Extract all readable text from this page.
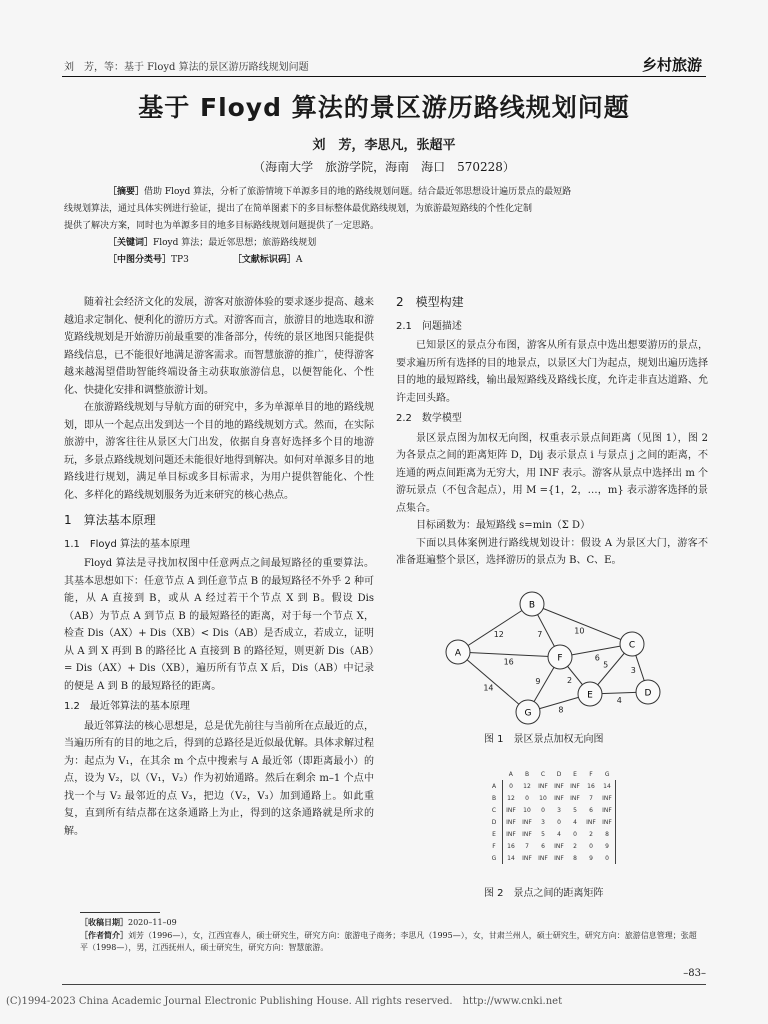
刘　芳，等：基于 Floyd 算法的景区游历路线规划问题	乡村旅游
基于 Floyd 算法的景区游历路线规划问题
刘　芳，李思凡，张超平
（海南大学　旅游学院，海南　海口　570228）
［摘要］借助 Floyd 算法，分析了旅游情境下单源多目的地的路线规划问题。结合最近邻思想设计遍历景点的最短路
线规划算法，通过具体实例进行验证，提出了在简单图素下的多目标整体最优路线规划，为旅游最短路线的个性化定制
提供了解决方案，同时也为单源多目的地多目标路线规划问题提供了一定思路。
［关键词］Floyd 算法；最近邻思想；旅游路线规划
［中图分类号］TP3	［文献标识码］A

随着社会经济文化的发展，游客对旅游体验的要求逐步提高、越来越追求定制化、便利化的游历方式。对游客而言，旅游目的地选取和游览路线规划是开始游历前最重要的准备部分，传统的景区地图只能提供路线信息，已不能很好地满足游客需求。而智慧旅游的推广，使得游客越来越渴望借助智能终端设备主动获取旅游信息，以便智能化、个性化、快捷化安排和调整旅游计划。

在旅游路线规划与导航方面的研究中，多为单源单目的地的路线规划，即从一个起点出发到达一个目的地的路线规划方式。然而，在实际旅游中，游客往往从景区大门出发，依据自身喜好选择多个目的地游玩，多景点路线规划问题还未能很好地得到解决。如何对单源多目的地路线进行规划，满足单目标或多目标需求，为用户提供智能化、个性化、多样化的路线规划服务为近来研究的核心热点。

1　算法基本原理
1.1　Floyd 算法的基本原理

Floyd 算法是寻找加权图中任意两点之间最短路径的重要算法。其基本思想如下：任意节点 A 到任意节点 B 的最短路径不外乎 2 种可能，从 A 直接到 B，或从 A 经过若干个节点 X 到 B。假设 Dis（AB）为节点 A 到节点 B 的最短路径的距离，对于每一个节点 X，检查 Dis（AX）+ Dis（XB）< Dis（AB）是否成立，若成立，证明从 A 到 X 再到 B 的路径比 A 直接到 B 的路径短，则更新 Dis（AB）= Dis（AX）+ Dis（XB），遍历所有节点 X 后，Dis（AB）中记录的便是 A 到 B 的最短路径的距离。

1.2　最近邻算法的基本原理

最近邻算法的核心思想是，总是优先前往与当前所在点最近的点，当遍历所有的目的地之后，得到的总路径是近似最优解。具体求解过程为：起点为 V₁，在其余 m 个点中搜索与 A 最近邻（即距离最小）的点，设为 V₂，以（V₁，V₂）作为初始通路。然后在剩余 m–1 个点中找一个与 V₂ 最邻近的点 V₃，把边（V₂，V₃）加到通路上。如此重复，直到所有结点都在这条通路上为止，得到的这条通路就是所求的解。

2　模型构建
2.1　问题描述

已知景区的景点分布图，游客从所有景点中选出想要游历的景点，要求遍历所有选择的目的地景点，以景区大门为起点，规划出遍历选择目的地的最短路线，输出最短路线及路线长度，允许走非直达道路、允许走回头路。

2.2　数学模型

景区景点图为加权无向图，权重表示景点间距离（见图 1），图 2 为各景点之间的距离矩阵 D，Dij 表示景点 i 与景点 j 之间的距离，不连通的两点间距离为无穷大，用 INF 表示。游客从景点中选择出 m 个游玩景点（不包含起点），用 M ={1，2，…，m} 表示游客选择的景点集合。

目标函数为：最短路线 s=min（Σ D）

下面以具体案例进行路线规划设计：假设 A 为景区大门，游客不准备逛遍整个景区，选择游历的景点为 B、C、E。

12
16
14
10
7
6
9	2
5
3
4
8
A
B
C
D
E
F
G
图 1　景区景点加权无向图
	A	B	C	D	E	F	G
A	0	12	INF	INF	INF	16	14
B	12	0	10	INF	INF	7	INF
C	INF	10	0	3	5	6	INF
D	INF	INF	3	0	4	INF	INF
E	INF	INF	5	4	0	2	8
F	16	7	6	INF	2	0	9
G	14	INF	INF	INF	8	9	0
图 2　景点之间的距离矩阵
［收稿日期］2020–11–09
［作者简介］刘芳（1996—），女，江西宜春人，硕士研究生，研究方向：旅游电子商务；李思凡（1995—），女，甘肃兰州人，硕士研究生，研究方向：旅游信息管理；张超平（1998—），男，江西抚州人，硕士研究生，研究方向：智慧旅游。
–83–
(C)1994-2023 China Academic Journal Electronic Publishing House. All rights reserved.　http://www.cnki.net
